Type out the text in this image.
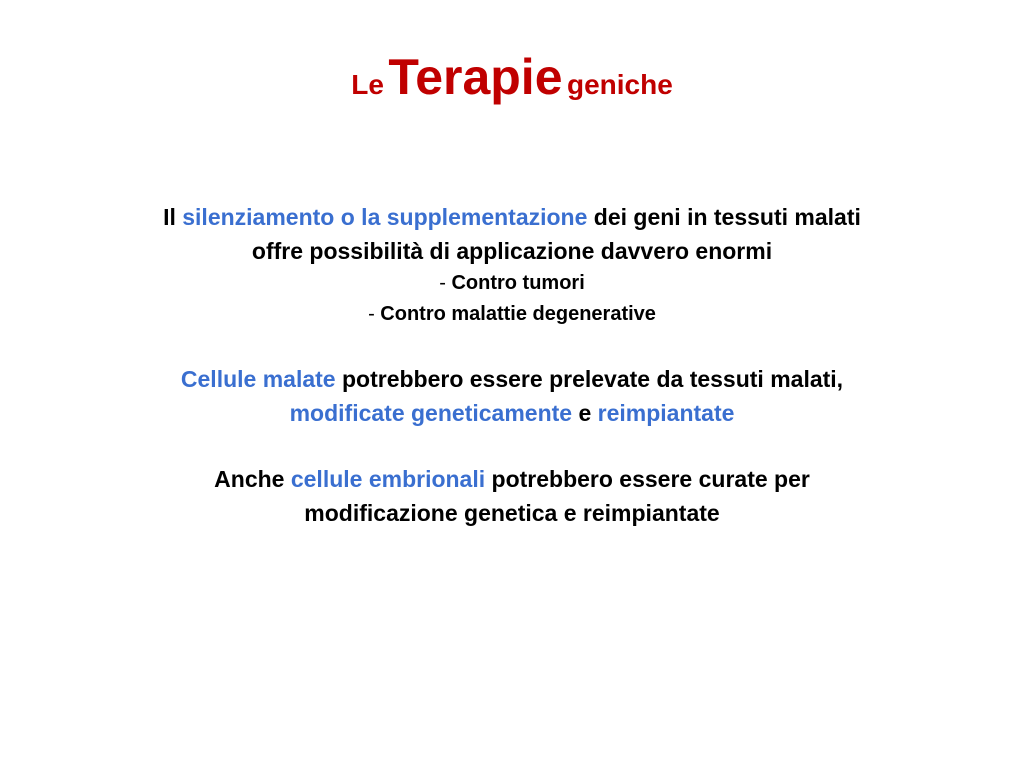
Le Terapie geniche

Il silenziamento o la supplementazione dei geni in tessuti malati
offre possibilità di applicazione davvero enormi

- Contro tumori
- Contro malattie degenerative

Cellule malate potrebbero essere prelevate da tessuti malati,
modificate geneticamente e reimpiantate

Anche cellule embrionali potrebbero essere curate per
modificazione genetica e reimpiantate
